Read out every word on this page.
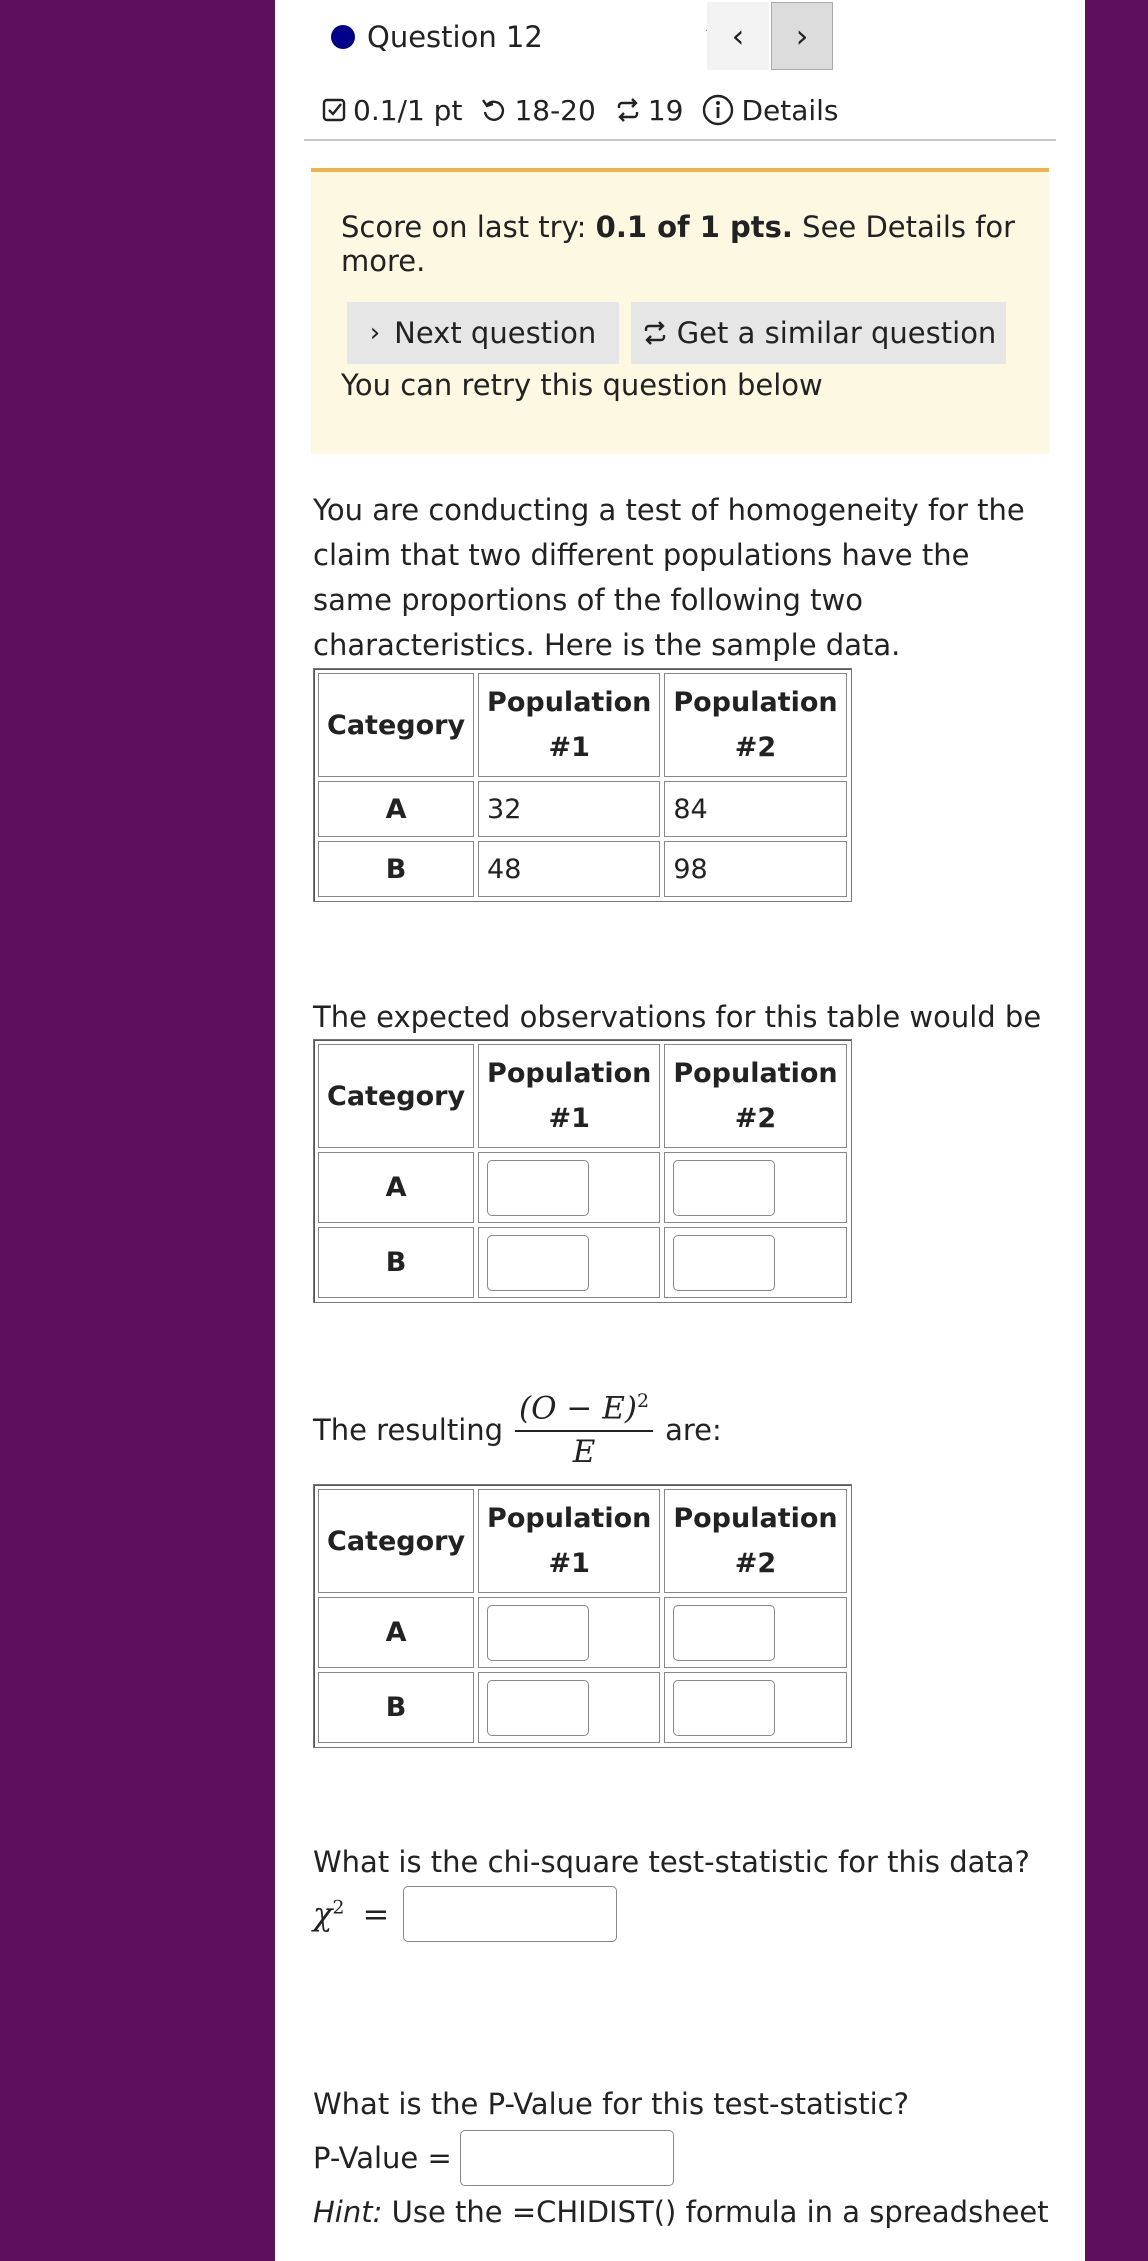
Question 12	‹ ›
0.1/1 pt 18-20 19 Details
Score on last try: 0.1 of 1 pts. See Details for more.
› Next question	Get a similar question
You can retry this question below
You are conducting a test of homogeneity for the claim that two different populations have the same proportions of the following two characteristics. Here is the sample data.
Category	Population #1	Population #2
A	32	84
B	48	98
The expected observations for this table would be
Category	Population #1	Population #2
A		
B		
The resulting $\frac{(O - E)^2}{E}$ are:
Category	Population #1	Population #2
A		
B		
What is the chi-square test-statistic for this data?
$\chi^2$ =
What is the P-Value for this test-statistic?
P-Value =
Hint: Use the =CHIDIST() formula in a spreadsheet
